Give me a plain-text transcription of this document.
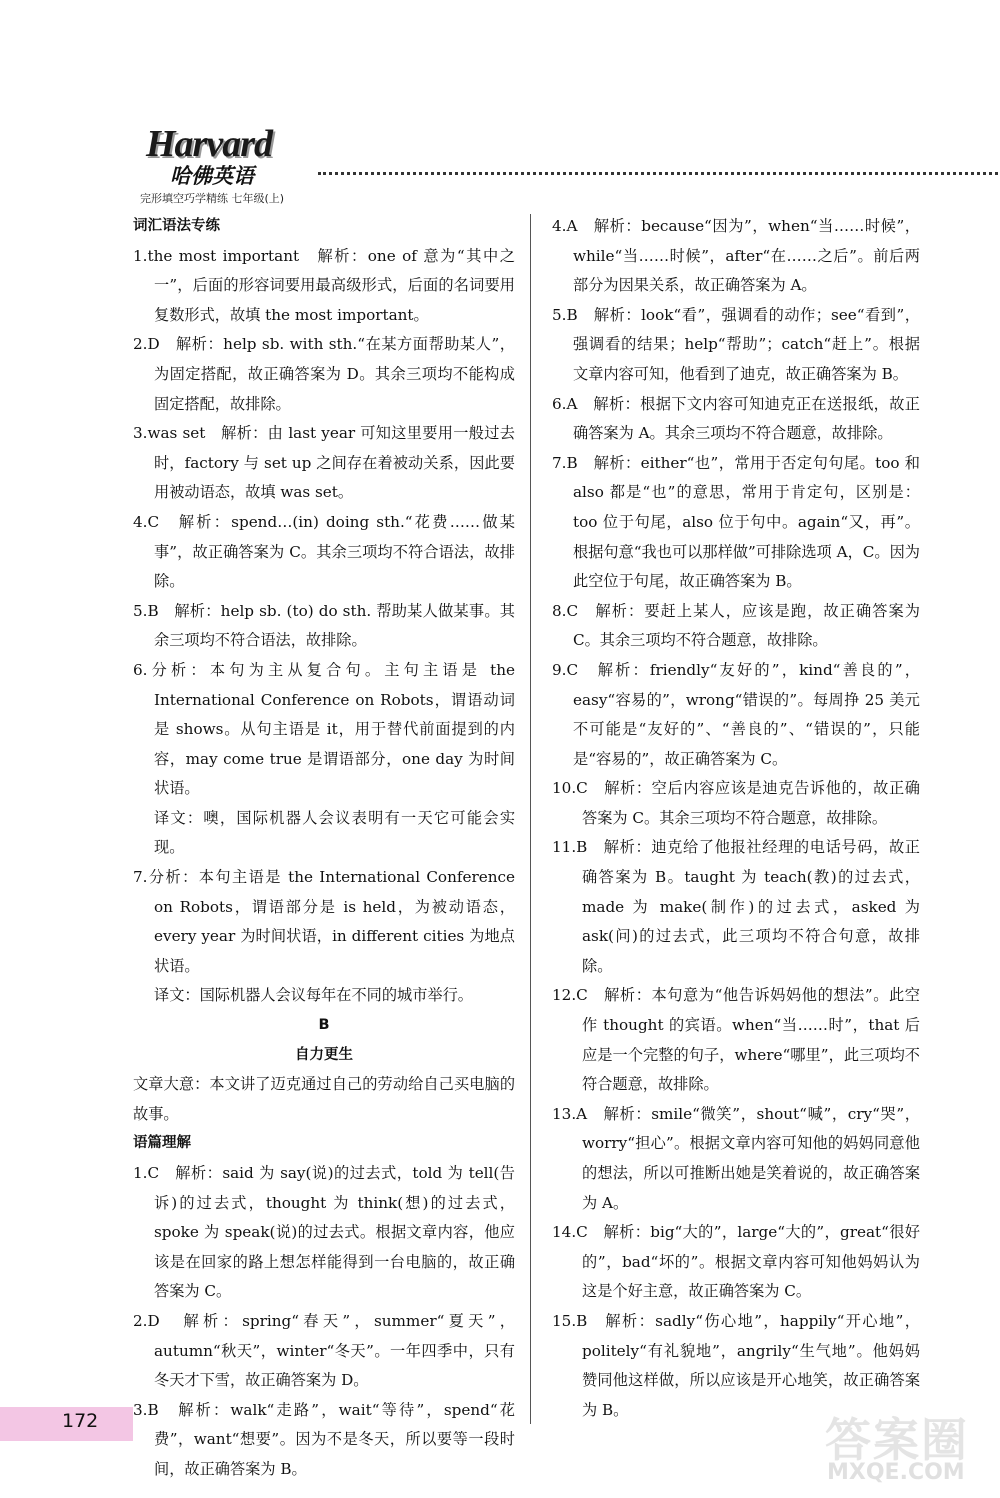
Harvard
哈佛英语
完形填空巧学精练 七年级(上)

词汇语法专练

1.the most important　解析：one of 意为“其中之一”，后面的形容词要用最高级形式，后面的名词要用复数形式，故填 the most important。

2.D　解析：help sb. with sth.“在某方面帮助某人”，为固定搭配，故正确答案为 D。其余三项均不能构成固定搭配，故排除。

3.was set　解析：由 last year 可知这里要用一般过去时，factory 与 set up 之间存在着被动关系，因此要用被动语态，故填 was set。

4.C　解析：spend…(in) doing sth.“花费……做某事”，故正确答案为 C。其余三项均不符合语法，故排除。

5.B　解析：help sb. (to) do sth. 帮助某人做某事。其余三项均不符合语法，故排除。

6.分析：本句为主从复合句。主句主语是 the International Conference on Robots，谓语动词是 shows。从句主语是 it，用于替代前面提到的内容，may come true 是谓语部分，one day 为时间状语。

译文：噢，国际机器人会议表明有一天它可能会实现。

7.分析：本句主语是 the International Conference on Robots，谓语部分是 is held，为被动语态，every year 为时间状语，in different cities 为地点状语。

译文：国际机器人会议每年在不同的城市举行。

B

自力更生

文章大意：本文讲了迈克通过自己的劳动给自己买电脑的故事。

语篇理解

1.C　解析：said 为 say(说)的过去式，told 为 tell(告诉)的过去式，thought 为 think(想)的过去式，spoke 为 speak(说)的过去式。根据文章内容，他应该是在回家的路上想怎样能得到一台电脑的，故正确答案为 C。

2.D　解析：spring“春天”，summer“夏天”，autumn“秋天”，winter“冬天”。一年四季中，只有冬天才下雪，故正确答案为 D。

3.B　解析：walk“走路”，wait“等待”，spend“花费”，want“想要”。因为不是冬天，所以要等一段时间，故正确答案为 B。

4.A　解析：because“因为”，when“当……时候”，while“当……时候”，after“在……之后”。前后两部分为因果关系，故正确答案为 A。

5.B　解析：look“看”，强调看的动作；see“看到”，强调看的结果；help“帮助”；catch“赶上”。根据文章内容可知，他看到了迪克，故正确答案为 B。

6.A　解析：根据下文内容可知迪克正在送报纸，故正确答案为 A。其余三项均不符合题意，故排除。

7.B　解析：either“也”，常用于否定句句尾。too 和 also 都是“也”的意思，常用于肯定句，区别是：too 位于句尾，also 位于句中。again“又，再”。根据句意“我也可以那样做”可排除选项 A，C。因为此空位于句尾，故正确答案为 B。

8.C　解析：要赶上某人，应该是跑，故正确答案为 C。其余三项均不符合题意，故排除。

9.C　解析：friendly“友好的”，kind“善良的”，easy“容易的”，wrong“错误的”。每周挣 25 美元不可能是“友好的”、“善良的”、“错误的”，只能是“容易的”，故正确答案为 C。

10.C　解析：空后内容应该是迪克告诉他的，故正确答案为 C。其余三项均不符合题意，故排除。

11.B　解析：迪克给了他报社经理的电话号码，故正确答案为 B。taught 为 teach(教)的过去式，made 为 make(制作)的过去式，asked 为 ask(问)的过去式，此三项均不符合句意，故排除。

12.C　解析：本句意为“他告诉妈妈他的想法”。此空作 thought 的宾语。when“当……时”，that 后应是一个完整的句子，where“哪里”，此三项均不符合题意，故排除。

13.A　解析：smile“微笑”，shout“喊”，cry“哭”，worry“担心”。根据文章内容可知他的妈妈同意他的想法，所以可推断出她是笑着说的，故正确答案为 A。

14.C　解析：big“大的”，large“大的”，great“很好的”，bad“坏的”。根据文章内容可知他妈妈认为这是个好主意，故正确答案为 C。

15.B　解析：sadly“伤心地”，happily“开心地”，politely“有礼貌地”，angrily“生气地”。他妈妈赞同他这样做，所以应该是开心地笑，故正确答案为 B。

172	答案圈
MXQE.COM
